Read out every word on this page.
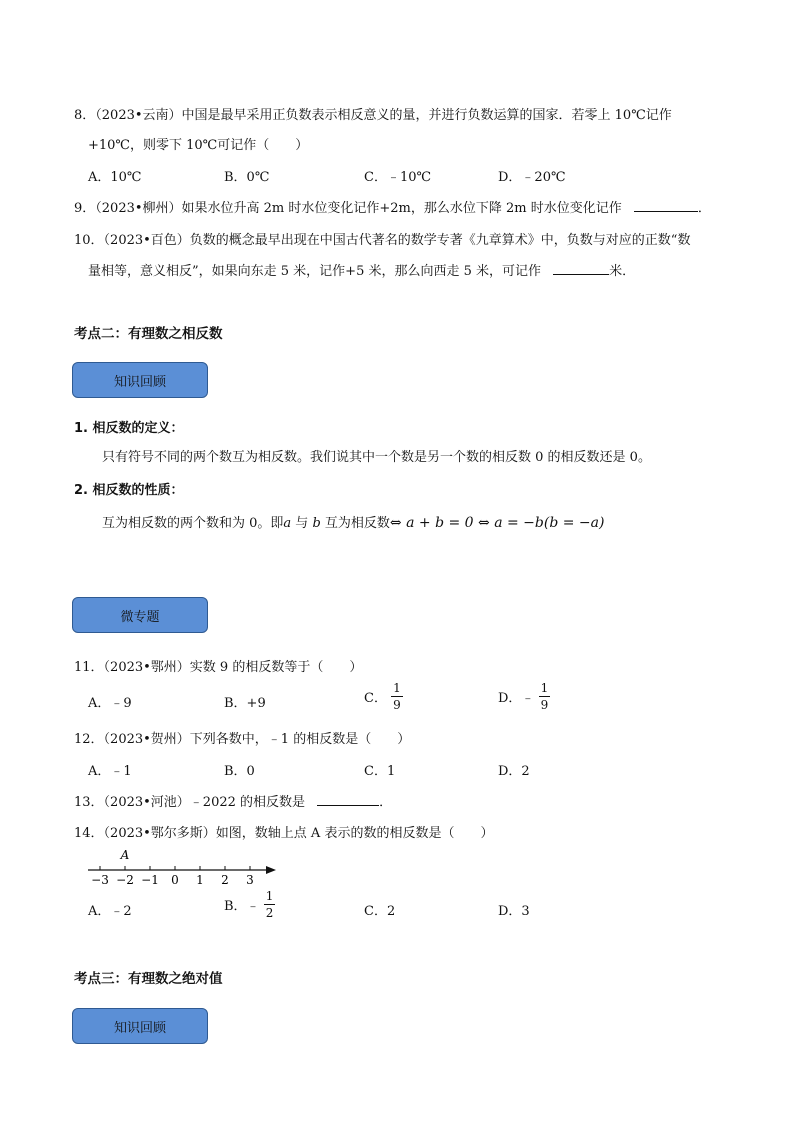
8．（2023•云南）中国是最早采用正负数表示相反意义的量，并进行负数运算的国家．若零上 10℃记作
+10℃，则零下 10℃可记作（　　）
A．10℃	B．0℃	C．﹣10℃	D．﹣20℃
9．（2023•柳州）如果水位升高 2m 时水位变化记作+2m，那么水位下降 2m 时水位变化记作	．
10．（2023•百色）负数的概念最早出现在中国古代著名的数学专著《九章算术》中，负数与对应的正数“数
量相等，意义相反”，如果向东走 5 米，记作+5 米，那么向西走 5 米，可记作	米．
考点二：有理数之相反数
知识回顾
1. 相反数的定义：
只有符号不同的两个数互为相反数。我们说其中一个数是另一个数的相反数 0 的相反数还是 0。
2. 相反数的性质：
互为相反数的两个数和为 0。即a 与 b 互为相反数⇔ a + b = 0 ⇔ a = −b(b = −a)
微专题
11．（2023•鄂州）实数 9 的相反数等于（　　）
A．﹣9	B．+9	C． $\frac{1}{9}$	D．﹣ $\frac{1}{9}$
12．（2023•贺州）下列各数中，﹣1 的相反数是（　　）
A．﹣1	B．0	C．1	D．2
13．（2023•河池）﹣2022 的相反数是	．
14．（2023•鄂尔多斯）如图，数轴上点 A 表示的数的相反数是（　　）
−3 −2 −1 0 1 2 3
A
A．﹣2	B．﹣ $\frac{1}{2}$	C．2	D．3
考点三：有理数之绝对值
知识回顾
